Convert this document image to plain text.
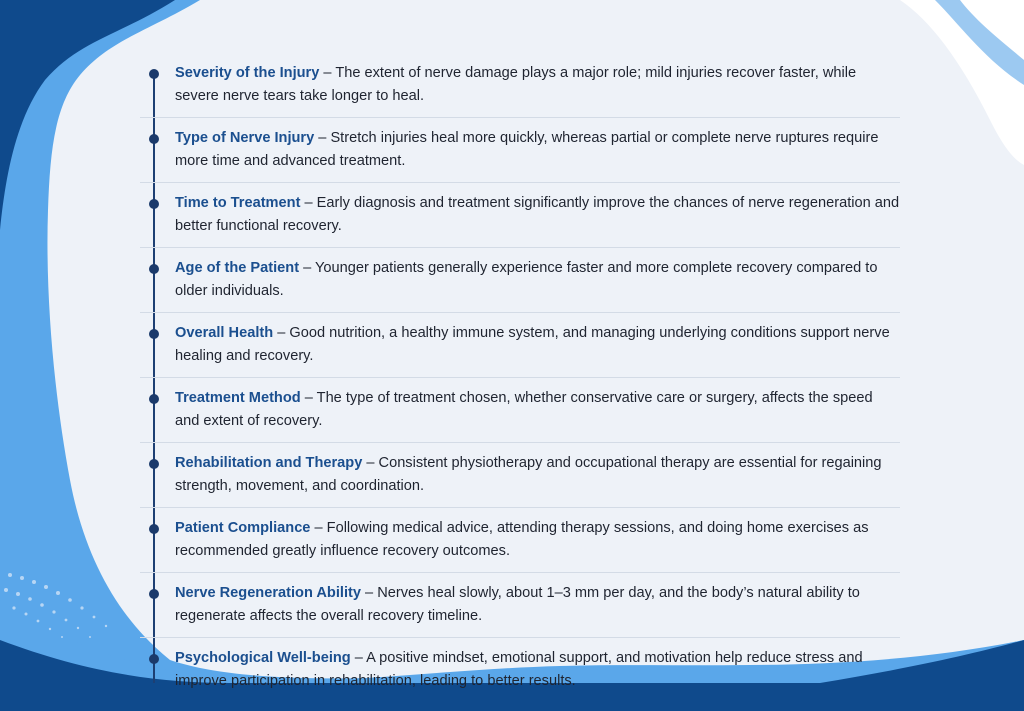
Severity of the Injury – The extent of nerve damage plays a major role; mild injuries recover faster, while severe nerve tears take longer to heal.
Type of Nerve Injury – Stretch injuries heal more quickly, whereas partial or complete nerve ruptures require more time and advanced treatment.
Time to Treatment – Early diagnosis and treatment significantly improve the chances of nerve regeneration and better functional recovery.
Age of the Patient – Younger patients generally experience faster and more complete recovery compared to older individuals.
Overall Health – Good nutrition, a healthy immune system, and managing underlying conditions support nerve healing and recovery.
Treatment Method – The type of treatment chosen, whether conservative care or surgery, affects the speed and extent of recovery.
Rehabilitation and Therapy – Consistent physiotherapy and occupational therapy are essential for regaining strength, movement, and coordination.
Patient Compliance – Following medical advice, attending therapy sessions, and doing home exercises as recommended greatly influence recovery outcomes.
Nerve Regeneration Ability – Nerves heal slowly, about 1–3 mm per day, and the body’s natural ability to regenerate affects the overall recovery timeline.
Psychological Well-being – A positive mindset, emotional support, and motivation help reduce stress and improve participation in rehabilitation, leading to better results.
